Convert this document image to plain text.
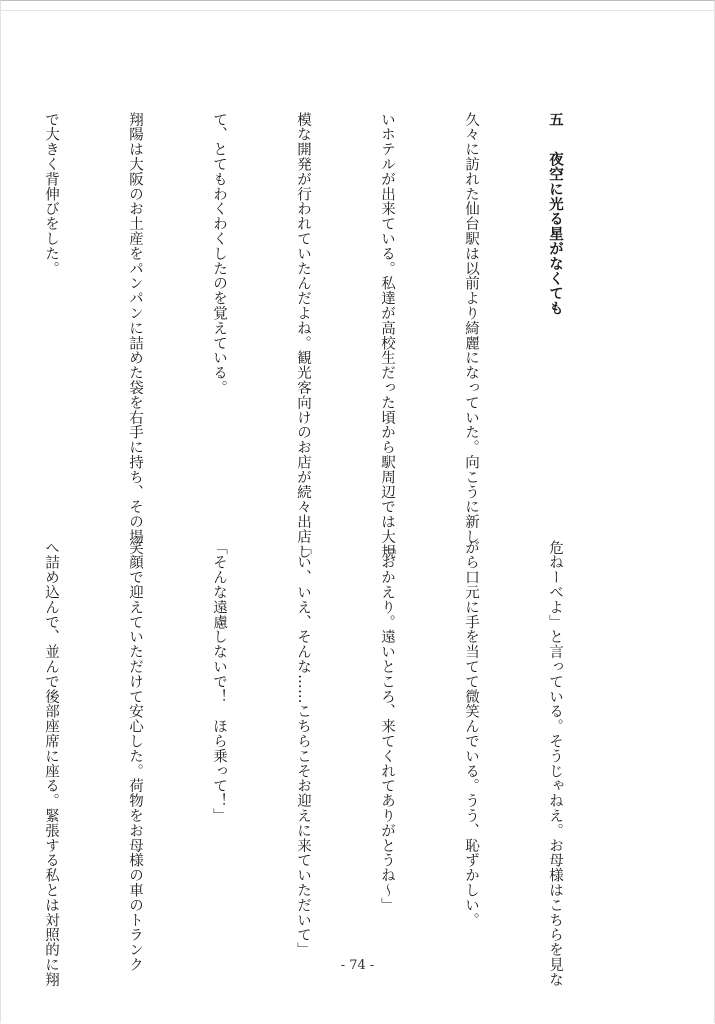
五　夜空に光る星がなくても

久々に訪れた仙台駅は以前より綺麗になっていた。向こうに新し

いホテルが出来ている。私達が高校生だった頃から駅周辺では大規

模な開発が行われていたんだよね。観光客向けのお店が続々出店し

て、とてもわくわくしたのを覚えている。

翔陽は大阪のお土産をパンパンに詰めた袋を右手に持ち、その場

で大きく背伸びをした。

危ねーべよ」と言っている。そうじゃねえ。お母様はこちらを見な

がら口元に手を当てて微笑んでいる。うう、恥ずかしい。

「おかえり。遠いところ、来てくれてありがとうね〜」

「い、いえ、そんな……こちらこそお迎えに来ていただいて」

「そんな遠慮しないで！　ほら乗って！」

笑顔で迎えていただけて安心した。荷物をお母様の車のトランク

へ詰め込んで、並んで後部座席に座る。緊張する私とは対照的に翔

	- 74 -
